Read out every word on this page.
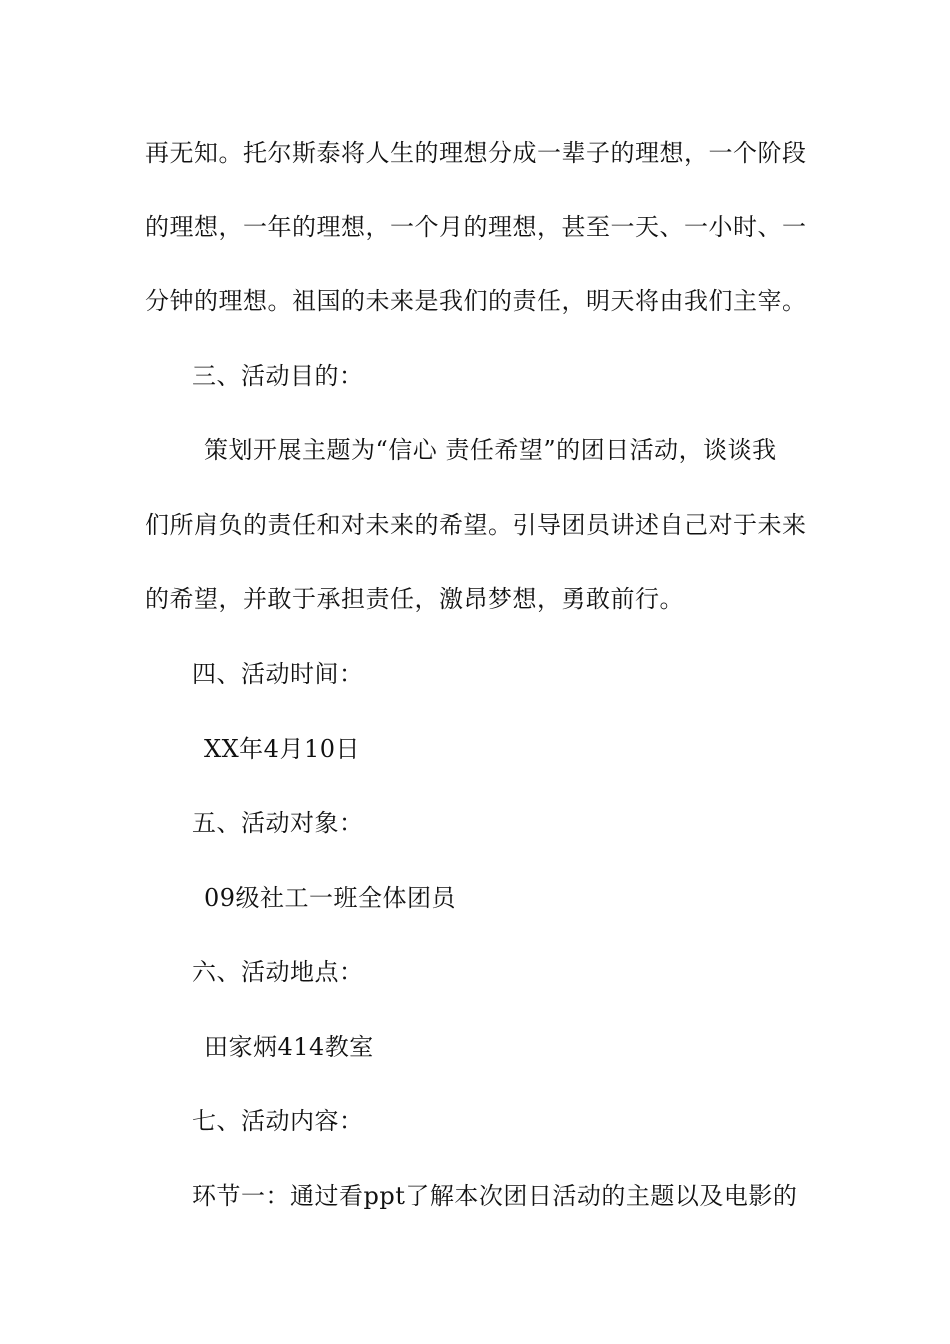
再无知。托尔斯泰将人生的理想分成一辈子的理想，一个阶段
的理想，一年的理想，一个月的理想，甚至一天、一小时、一
分钟的理想。祖国的未来是我们的责任，明天将由我们主宰。
三、活动目的：
策划开展主题为“信心 责任希望”的团日活动，谈谈我
们所肩负的责任和对未来的希望。引导团员讲述自己对于未来
的希望，并敢于承担责任，激昂梦想，勇敢前行。
四、活动时间：
XX年4月10日
五、活动对象：
09级社工一班全体团员
六、活动地点：
田家炳414教室
七、活动内容：
环节一：通过看ppt了解本次团日活动的主题以及电影的
